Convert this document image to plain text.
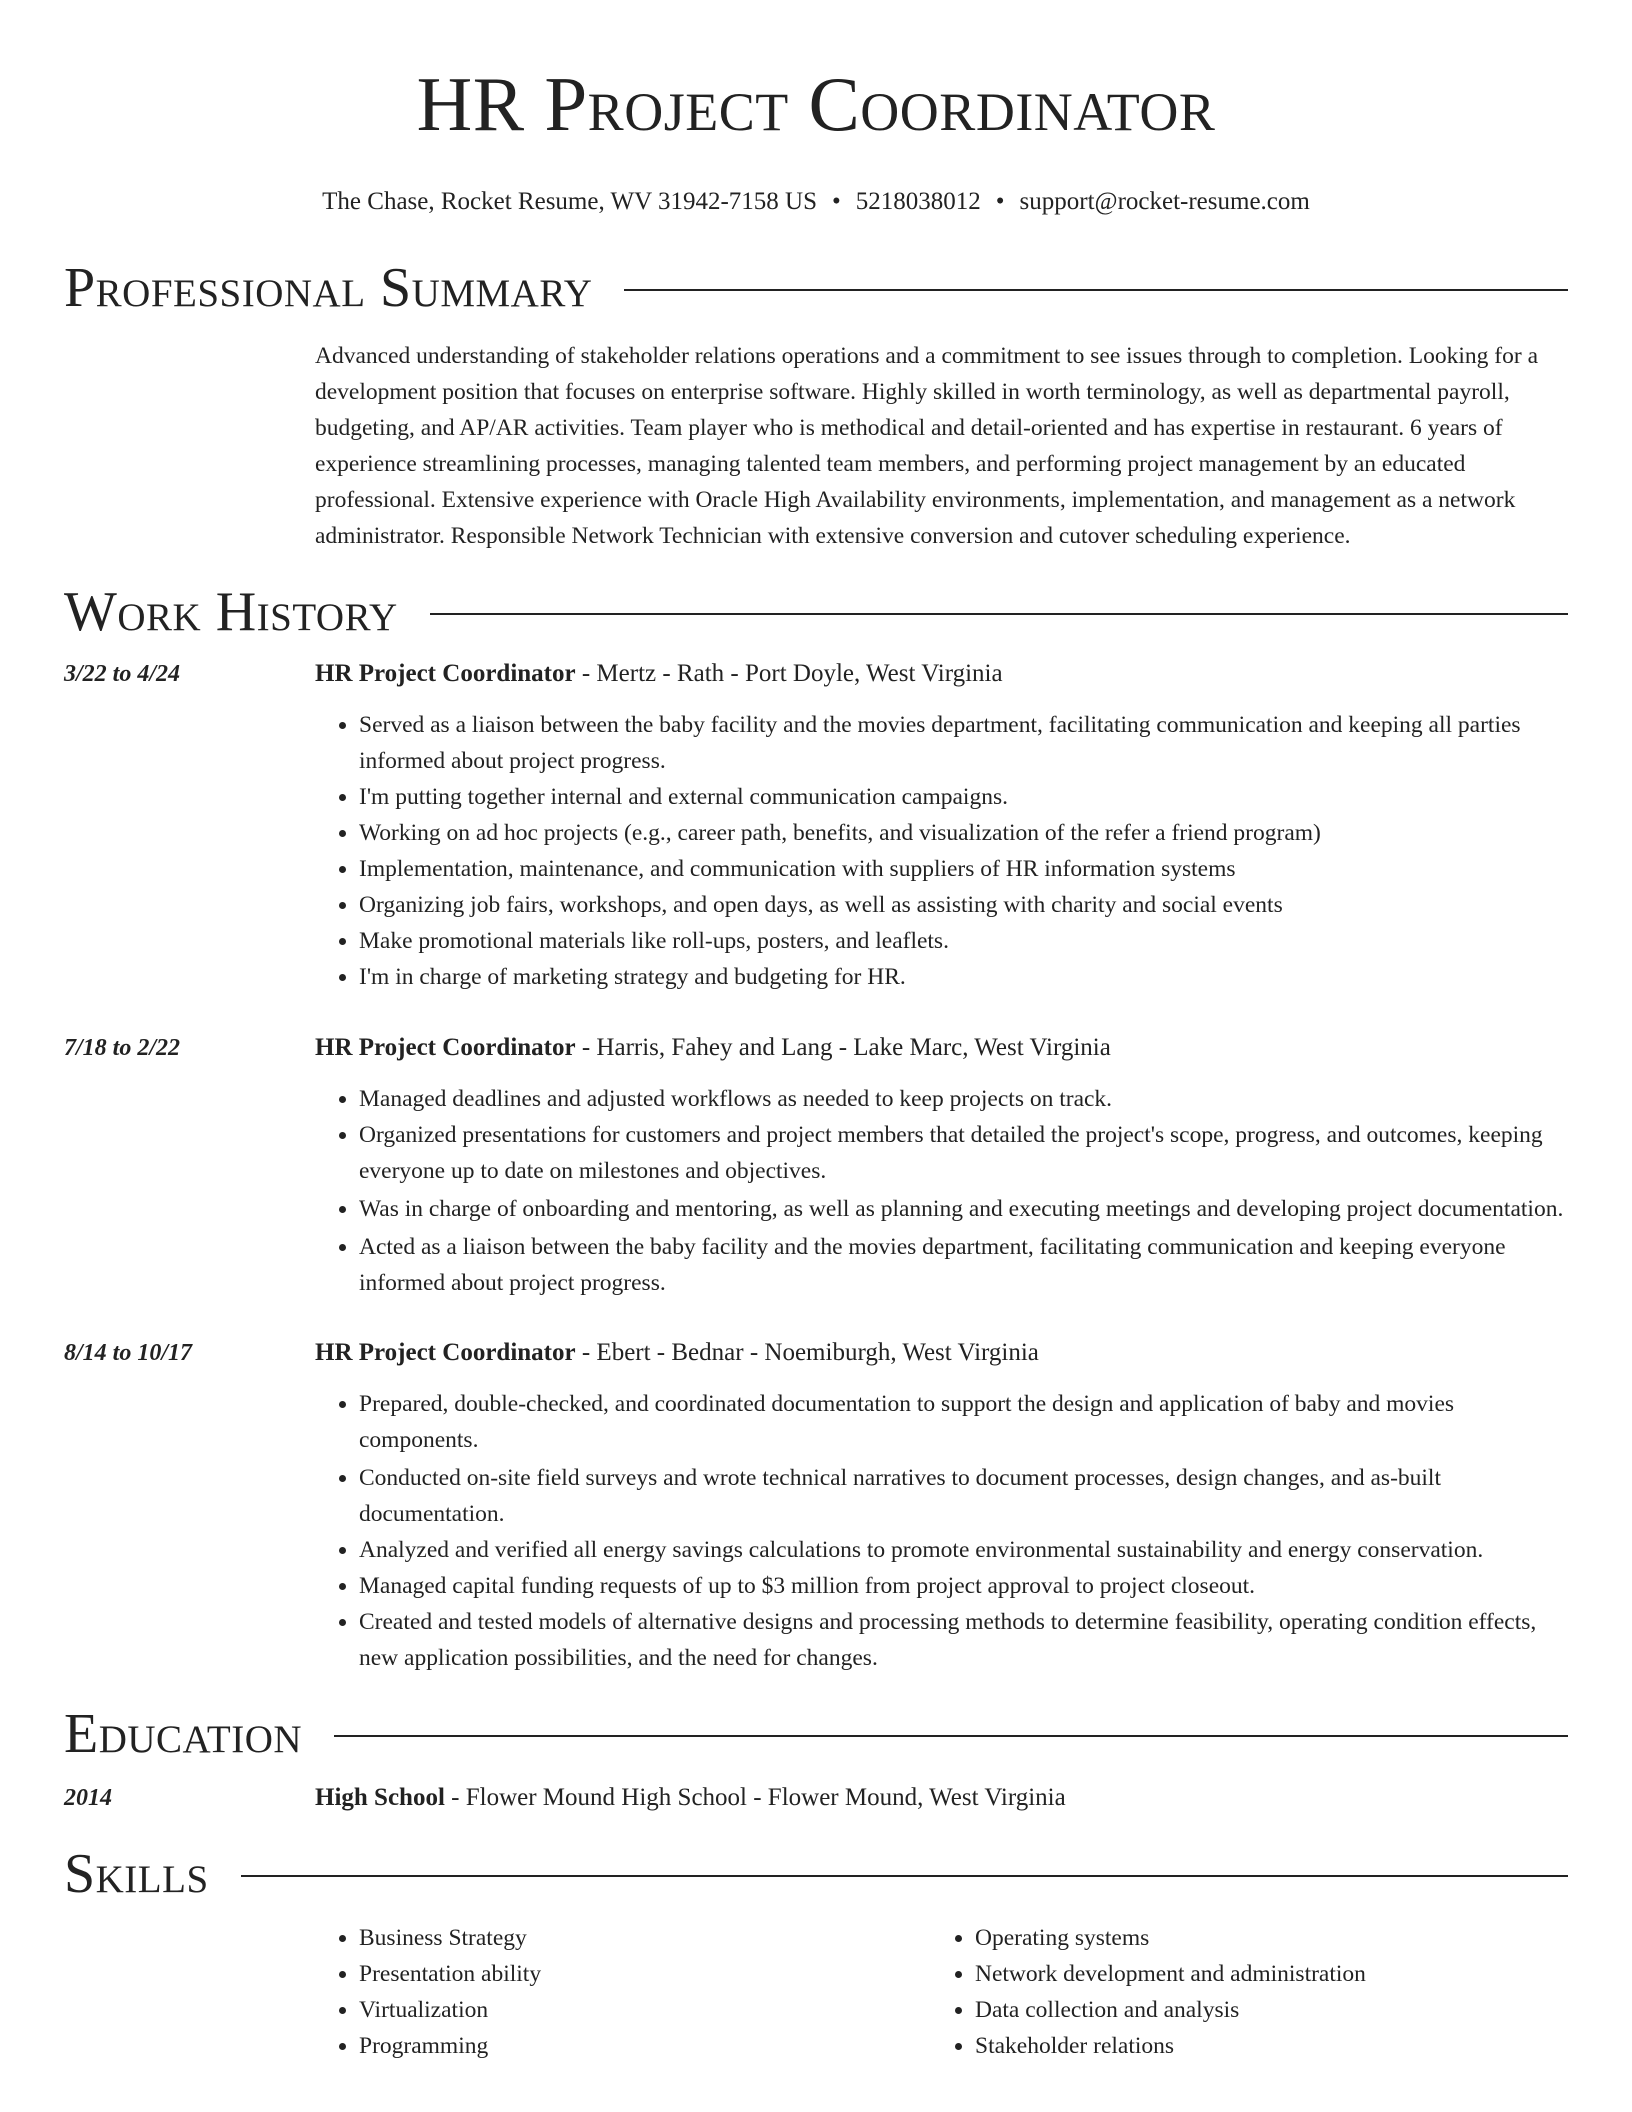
HR Project Coordinator
The Chase, Rocket Resume, WV 31942-7158 US • 5218038012 • support@rocket-resume.com
Professional Summary

Advanced understanding of stakeholder relations operations and a commitment to see issues through to completion. Looking for a development position that focuses on enterprise software. Highly skilled in worth terminology, as well as departmental payroll, budgeting, and AP/AR activities. Team player who is methodical and detail-oriented and has expertise in restaurant. 6 years of experience streamlining processes, managing talented team members, and performing project management by an educated professional. Extensive experience with Oracle High Availability environments, implementation, and management as a network administrator. Responsible Network Technician with extensive conversion and cutover scheduling experience.

Work History
3/22 to 4/24	HR Project Coordinator - Mertz - Rath - Port Doyle, West Virginia
• Served as a liaison between the baby facility and the movies department, facilitating communication and keeping all parties informed about project progress.
• I'm putting together internal and external communication campaigns.
• Working on ad hoc projects (e.g., career path, benefits, and visualization of the refer a friend program)
• Implementation, maintenance, and communication with suppliers of HR information systems
• Organizing job fairs, workshops, and open days, as well as assisting with charity and social events
• Make promotional materials like roll-ups, posters, and leaflets.
• I'm in charge of marketing strategy and budgeting for HR.
7/18 to 2/22	HR Project Coordinator - Harris, Fahey and Lang - Lake Marc, West Virginia
• Managed deadlines and adjusted workflows as needed to keep projects on track.
• Organized presentations for customers and project members that detailed the project's scope, progress, and outcomes, keeping everyone up to date on milestones and objectives.
• Was in charge of onboarding and mentoring, as well as planning and executing meetings and developing project documentation.
• Acted as a liaison between the baby facility and the movies department, facilitating communication and keeping everyone informed about project progress.
8/14 to 10/17	HR Project Coordinator - Ebert - Bednar - Noemiburgh, West Virginia
• Prepared, double-checked, and coordinated documentation to support the design and application of baby and movies components.
• Conducted on-site field surveys and wrote technical narratives to document processes, design changes, and as-built documentation.
• Analyzed and verified all energy savings calculations to promote environmental sustainability and energy conservation.
• Managed capital funding requests of up to $3 million from project approval to project closeout.
• Created and tested models of alternative designs and processing methods to determine feasibility, operating condition effects, new application possibilities, and the need for changes.
Education
2014	High School - Flower Mound High School - Flower Mound, West Virginia
Skills
• Business Strategy
• Presentation ability
• Virtualization
• Programming
• Operating systems
• Network development and administration
• Data collection and analysis
• Stakeholder relations
